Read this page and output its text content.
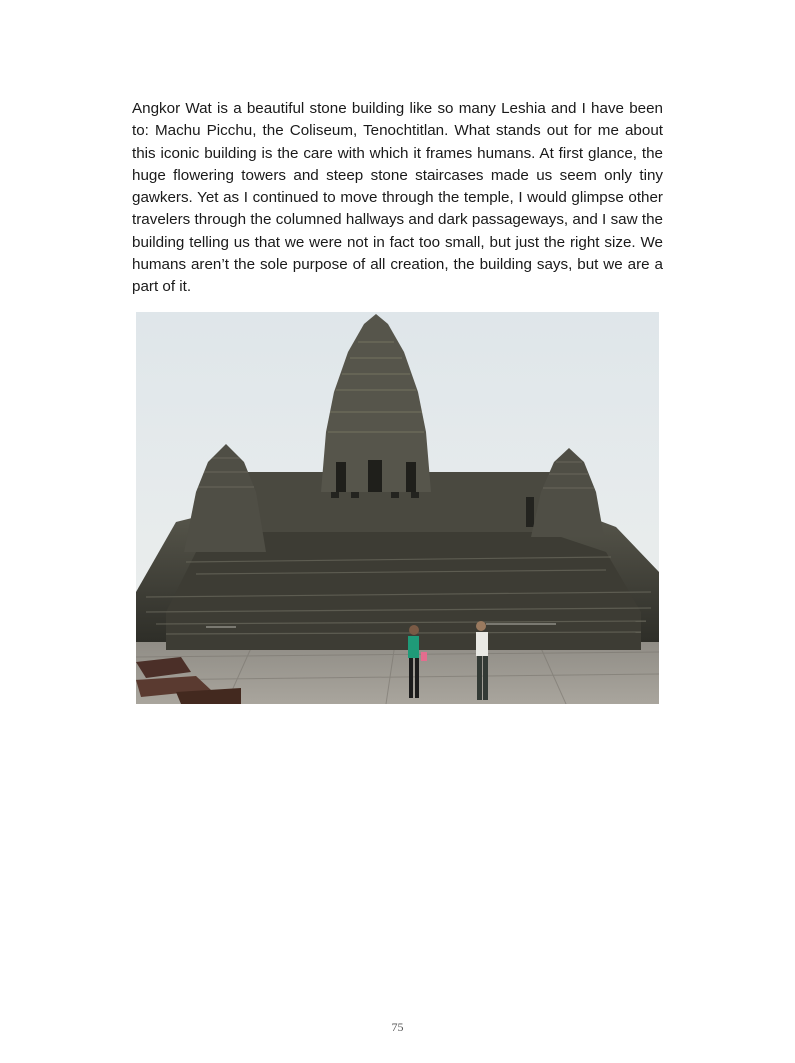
Angkor Wat is a beautiful stone building like so many Leshia and I have been to: Machu Picchu, the Coliseum, Tenochtitlan. What stands out for me about this iconic building is the care with which it frames humans. At first glance, the huge flowering towers and steep stone staircases made us seem only tiny gawkers. Yet as I continued to move through the temple, I would glimpse other travelers through the columned hallways and dark passageways, and I saw the building telling us that we were not in fact too small, but just the right size. We humans aren’t the sole purpose of all creation, the building says, but we are a part of it.

75
